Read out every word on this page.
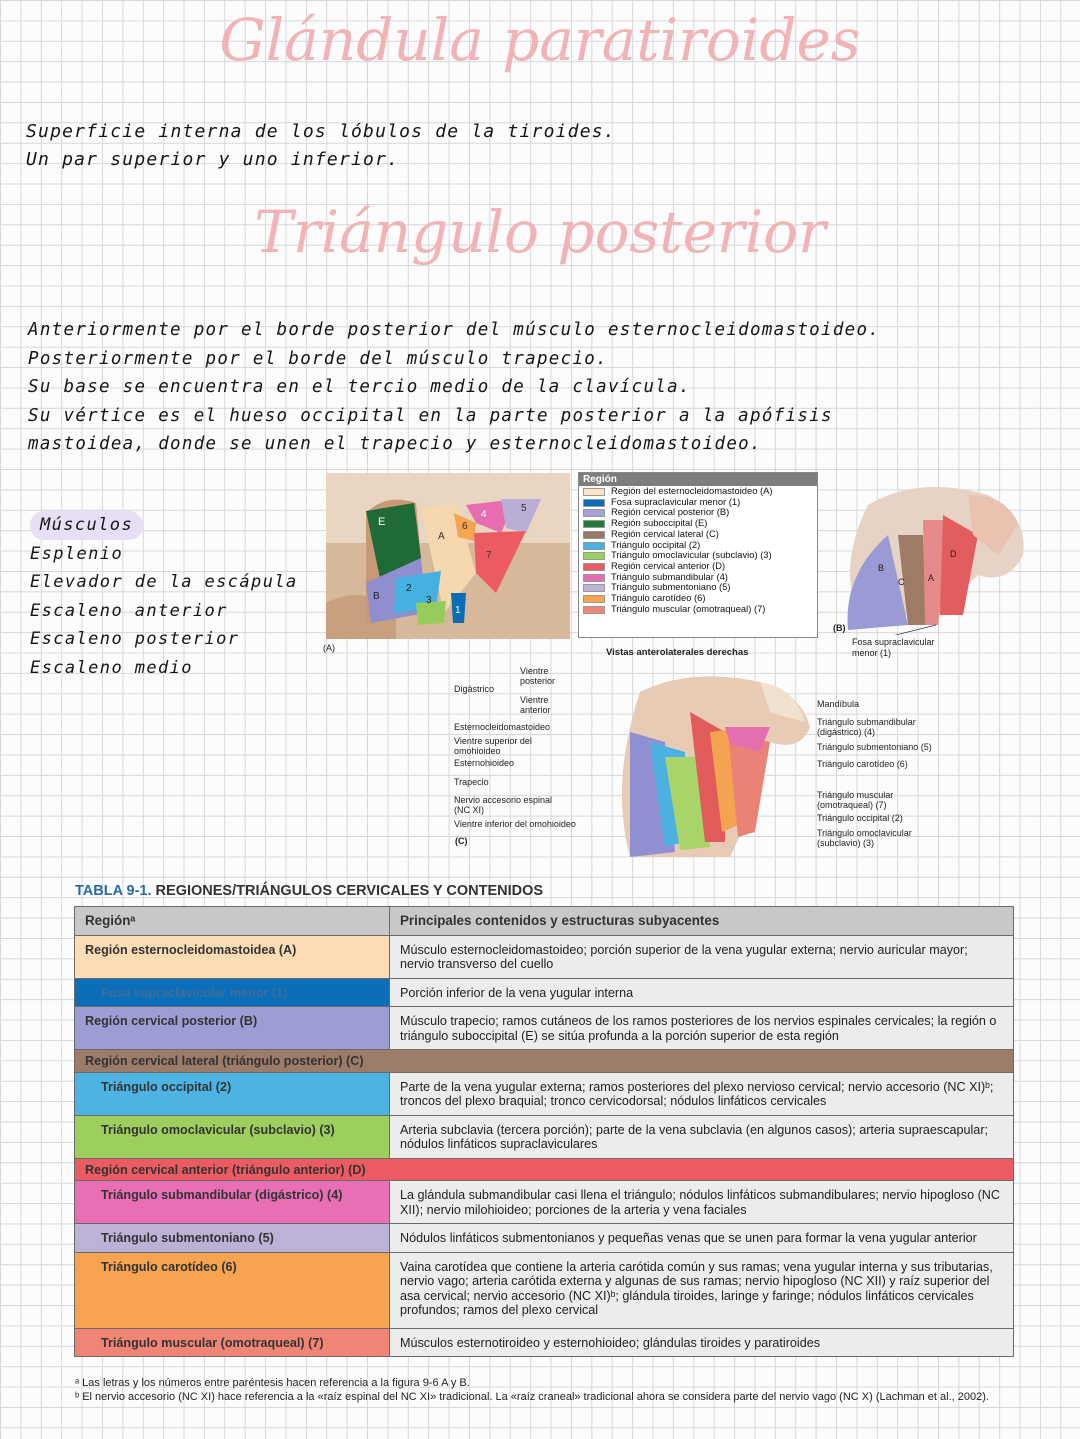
Glándula paratiroides

Superficie interna de los lóbulos de la tiroides.

Un par superior y uno inferior.

Triángulo posterior

Anteriormente por el borde posterior del músculo esternocleidomastoideo.

Posteriormente por el borde del músculo trapecio.

Su base se encuentra en el tercio medio de la clavícula.

Su vértice es el hueso occipital en la parte posterior a la apófisis

mastoidea, donde se unen el trapecio y esternocleidomastoideo.

Músculos

Esplenio

Elevador de la escápula

Escaleno anterior

Escaleno posterior

Escaleno medio

E
A
B
2
3
1
4
5
6
7
(A)
Región
Región del esternocleidomastoideo (A)
Fosa supraclavicular menor (1)
Región cervical posterior (B)
Región suboccipital (E)
Región cervical lateral (C)
Triángulo occipital (2)
Triángulo omoclavicular (subclavio) (3)
Región cervical anterior (D)
Triángulo submandibular (4)
Triángulo submentoniano (5)
Triángulo carotídeo (6)
Triángulo muscular (omotraqueal) (7)
Vistas anterolaterales derechas
B
C	A
D
(B)
Fosa supraclavicular menor (1)
(C)
Digástrico
Vientre posterior
Vientre anterior
Esternocleidomastoideo
Vientre superior del omohioideo
Esternohioideo
Trapecio
Nervio accesorio espinal (NC XI)
Vientre inferior del omohioideo
Mandíbula
Triángulo submandibular (digástrico) (4)
Triángulo submentoniano (5)
Triángulo carotídeo (6)
Triángulo muscular (omotraqueal) (7)
Triángulo occipital (2)
Triángulo omoclavicular (subclavio) (3)
TABLA 9-1. REGIONES/TRIÁNGULOS CERVICALES Y CONTENIDOS
Regiónᵃ	Principales contenidos y estructuras subyacentes
Región esternocleidomastoidea (A)	Músculo esternocleidomastoideo; porción superior de la vena yugular externa; nervio auricular mayor; nervio transverso del cuello
Fosa supraclavicular menor (1)	Porción inferior de la vena yugular interna
Región cervical posterior (B)	Músculo trapecio; ramos cutáneos de los ramos posteriores de los nervios espinales cervicales; la región o triángulo suboccipital (E) se sitúa profunda a la porción superior de esta región
Región cervical lateral (triángulo posterior) (C)	
Triángulo occipital (2)	Parte de la vena yugular externa; ramos posteriores del plexo nervioso cervical; nervio accesorio (NC XI)ᵇ; troncos del plexo braquial; tronco cervicodorsal; nódulos linfáticos cervicales
Triángulo omoclavicular (subclavio) (3)	Arteria subclavia (tercera porción); parte de la vena subclavia (en algunos casos); arteria supraescapular; nódulos linfáticos supraclaviculares
Región cervical anterior (triángulo anterior) (D)	
Triángulo submandibular (digástrico) (4)	La glándula submandibular casi llena el triángulo; nódulos linfáticos submandibulares; nervio hipogloso (NC XII); nervio milohioideo; porciones de la arteria y vena faciales
Triángulo submentoniano (5)	Nódulos linfáticos submentonianos y pequeñas venas que se unen para formar la vena yugular anterior
Triángulo carotídeo (6)	Vaina carotídea que contiene la arteria carótida común y sus ramas; vena yugular interna y sus tributarias, nervio vago; arteria carótida externa y algunas de sus ramas; nervio hipogloso (NC XII) y raíz superior del asa cervical; nervio accesorio (NC XI)ᵇ; glándula tiroides, laringe y faringe; nódulos linfáticos cervicales profundos; ramos del plexo cervical
Triángulo muscular (omotraqueal) (7)	Músculos esternotiroideo y esternohioideo; glándulas tiroides y paratiroides

ᵃ Las letras y los números entre paréntesis hacen referencia a la figura 9-6 A y B.

ᵇ El nervio accesorio (NC XI) hace referencia a la «raíz espinal del NC XI» tradicional. La «raíz craneal» tradicional ahora se considera parte del nervio vago (NC X) (Lachman et al., 2002).
